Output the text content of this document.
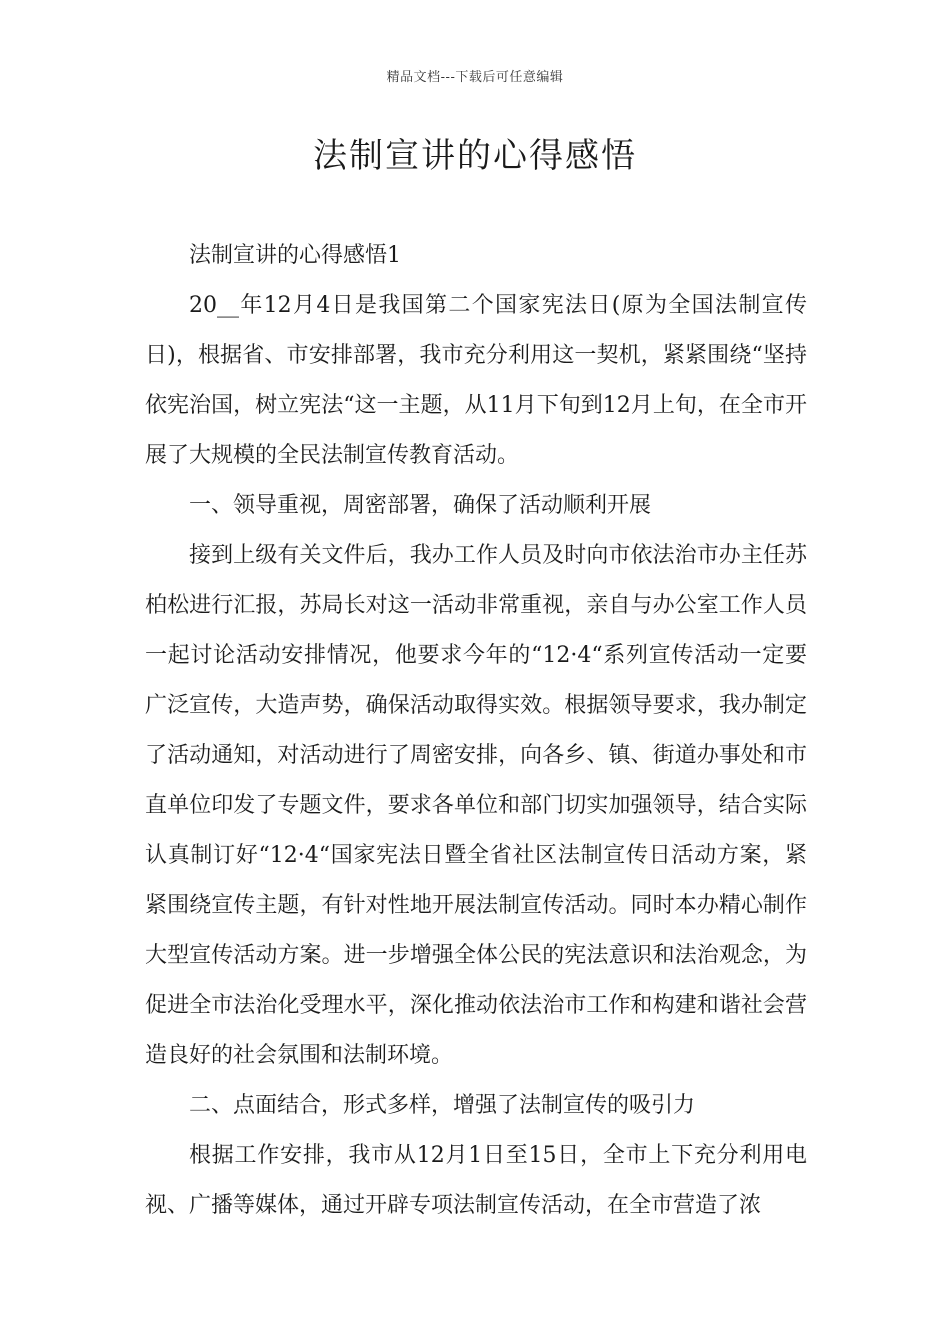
精品文档---下载后可任意编辑
法制宣讲的心得感悟

法制宣讲的心得感悟1

20__年12月4日是我国第二个国家宪法日(原为全国法制宣传日)，根据省、市安排部署，我市充分利用这一契机，紧紧围绕“坚持依宪治国，树立宪法“这一主题，从11月下旬到12月上旬，在全市开展了大规模的全民法制宣传教育活动。

一、领导重视，周密部署，确保了活动顺利开展

接到上级有关文件后，我办工作人员及时向市依法治市办主任苏柏松进行汇报，苏局长对这一活动非常重视，亲自与办公室工作人员一起讨论活动安排情况，他要求今年的“12·4“系列宣传活动一定要广泛宣传，大造声势，确保活动取得实效。根据领导要求，我办制定了活动通知，对活动进行了周密安排，向各乡、镇、街道办事处和市直单位印发了专题文件，要求各单位和部门切实加强领导，结合实际认真制订好“12·4“国家宪法日暨全省社区法制宣传日活动方案，紧紧围绕宣传主题，有针对性地开展法制宣传活动。同时本办精心制作大型宣传活动方案。进一步增强全体公民的宪法意识和法治观念，为促进全市法治化受理水平，深化推动依法治市工作和构建和谐社会营造良好的社会氛围和法制环境。

二、点面结合，形式多样，增强了法制宣传的吸引力

根据工作安排，我市从12月1日至15日，全市上下充分利用电视、广播等媒体，通过开辟专项法制宣传活动，在全市营造了浓
